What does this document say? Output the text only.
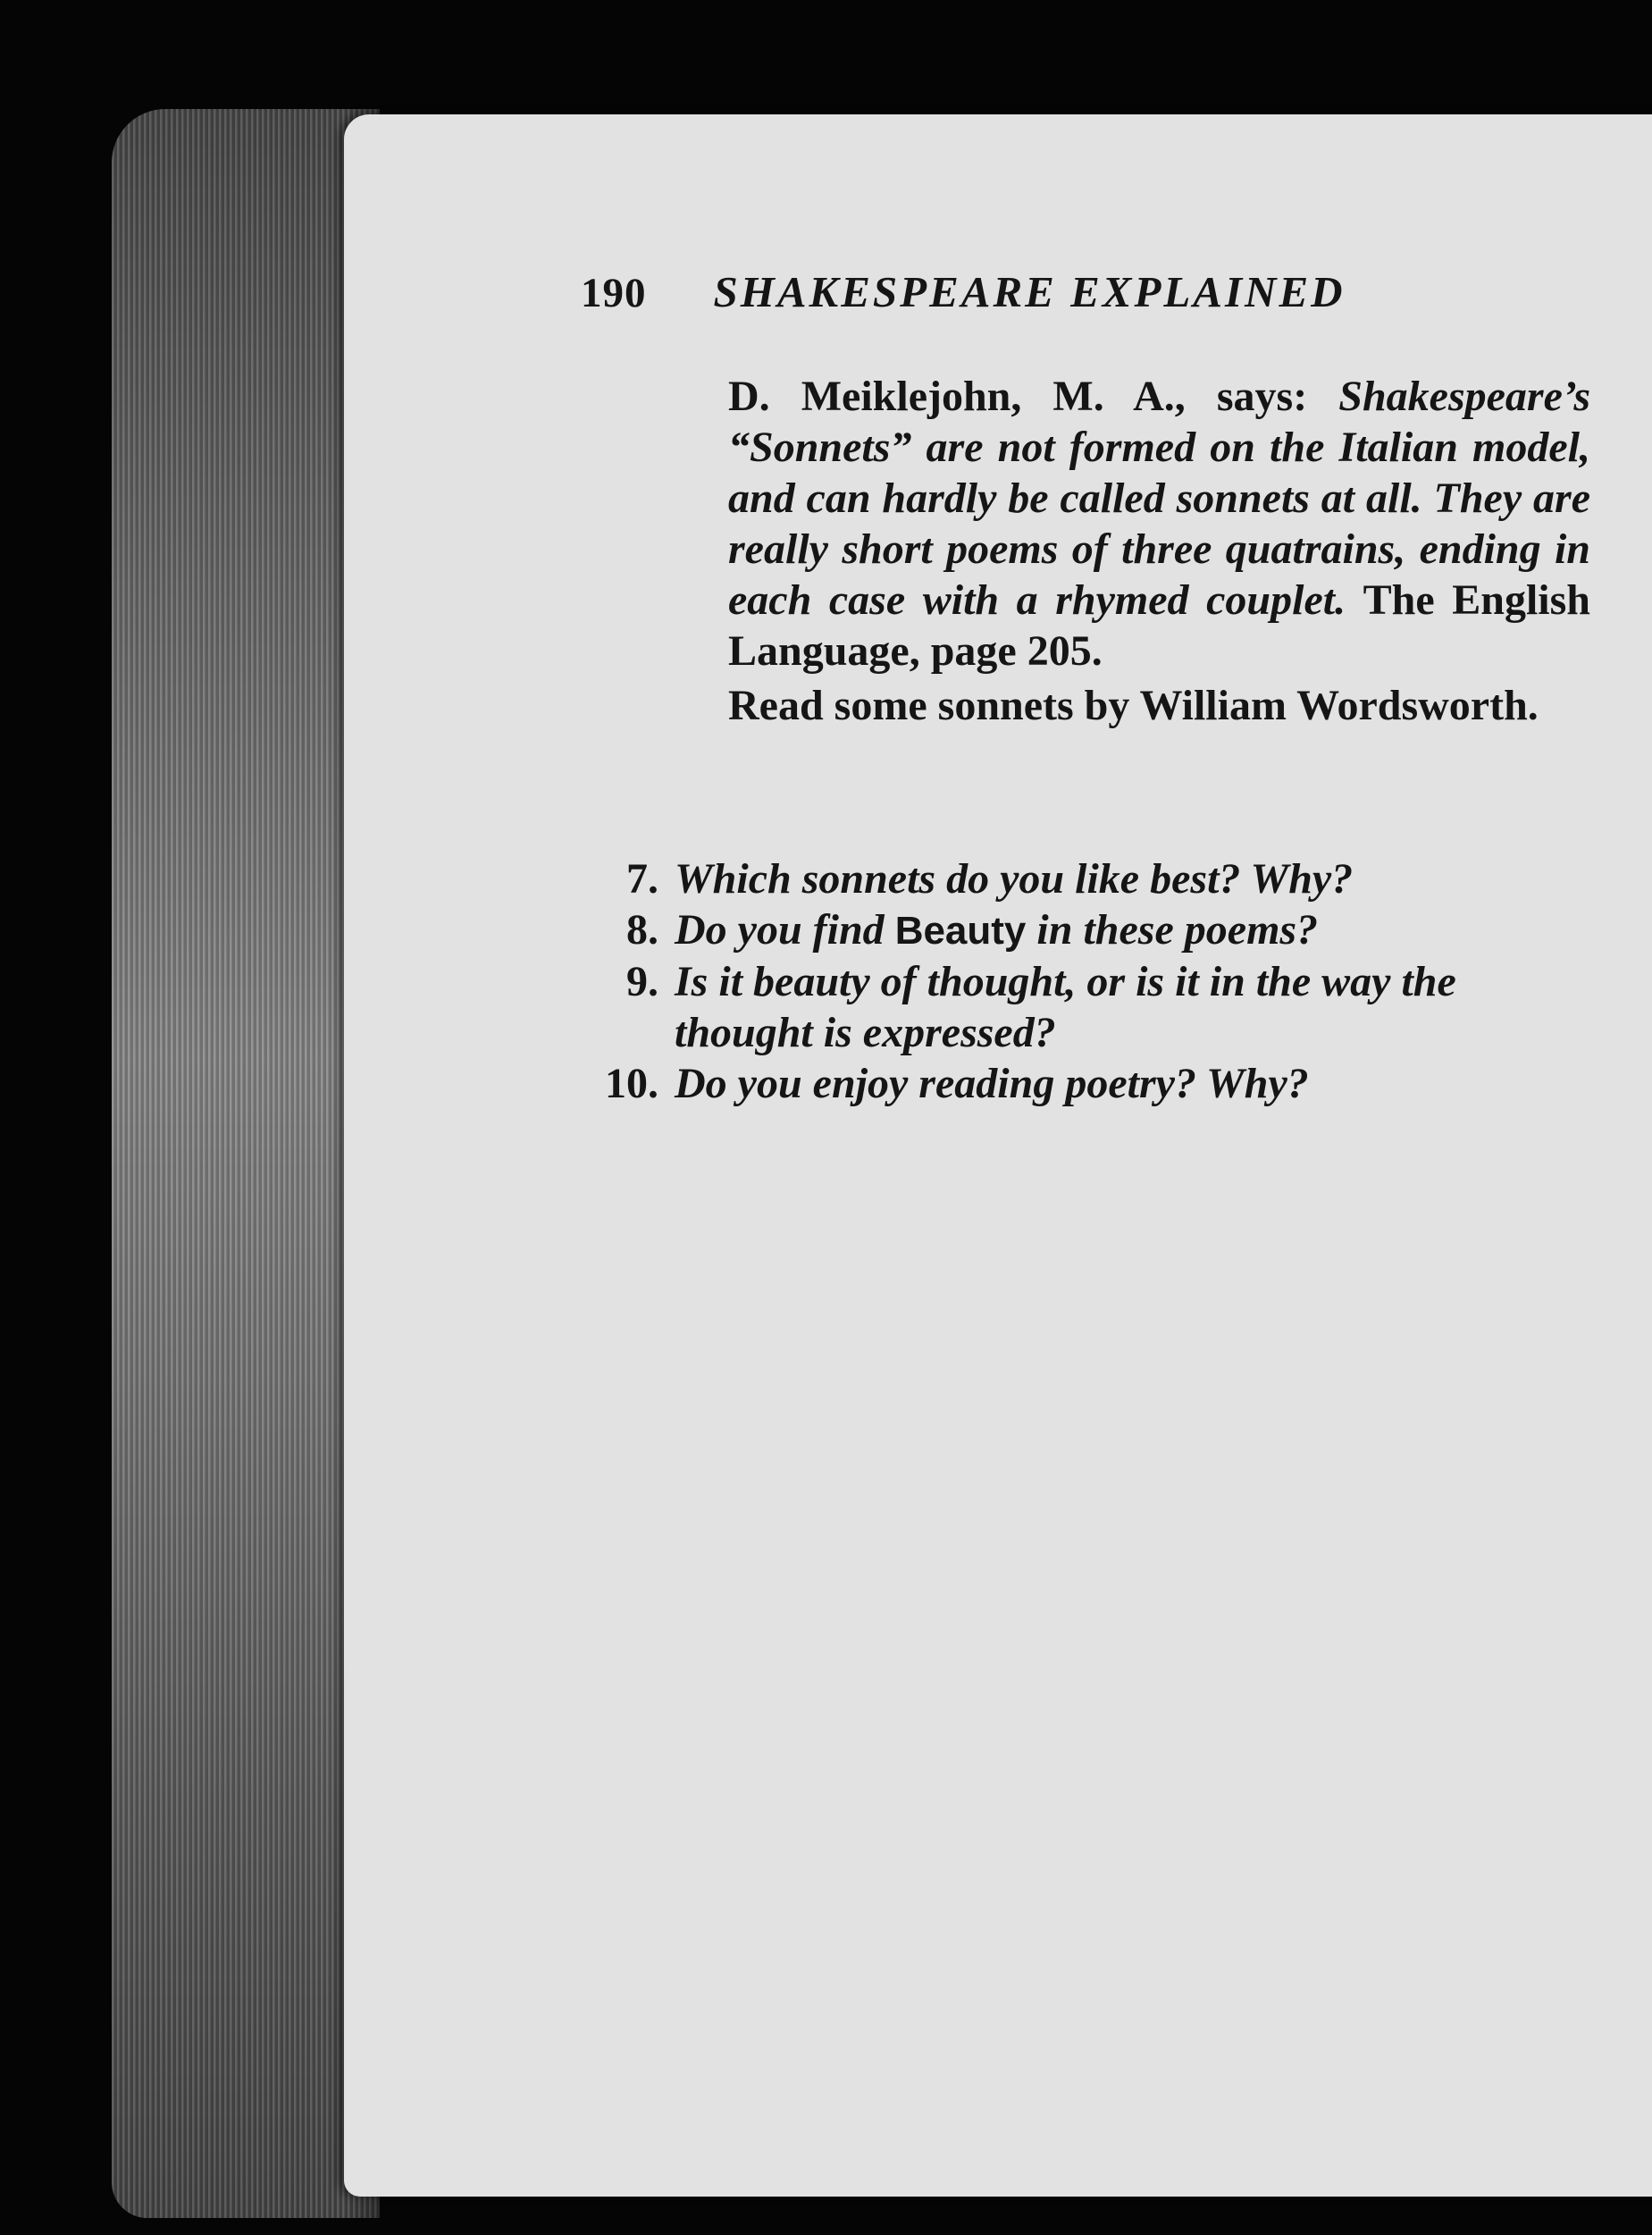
190 SHAKESPEARE EXPLAINED

D. Meiklejohn, M. A., says: Shakespeare’s “Sonnets” are not formed on the Italian model, and can hardly be called sonnets at all. They are really short poems of three quatrains, ending in each case with a rhymed couplet. The English Language, page 205.

Read some sonnets by William Wordsworth.

7. Which sonnets do you like best? Why?
8. Do you find Beauty in these poems?
9. Is it beauty of thought, or is it in the way the thought is expressed?
10. Do you enjoy reading poetry? Why?
